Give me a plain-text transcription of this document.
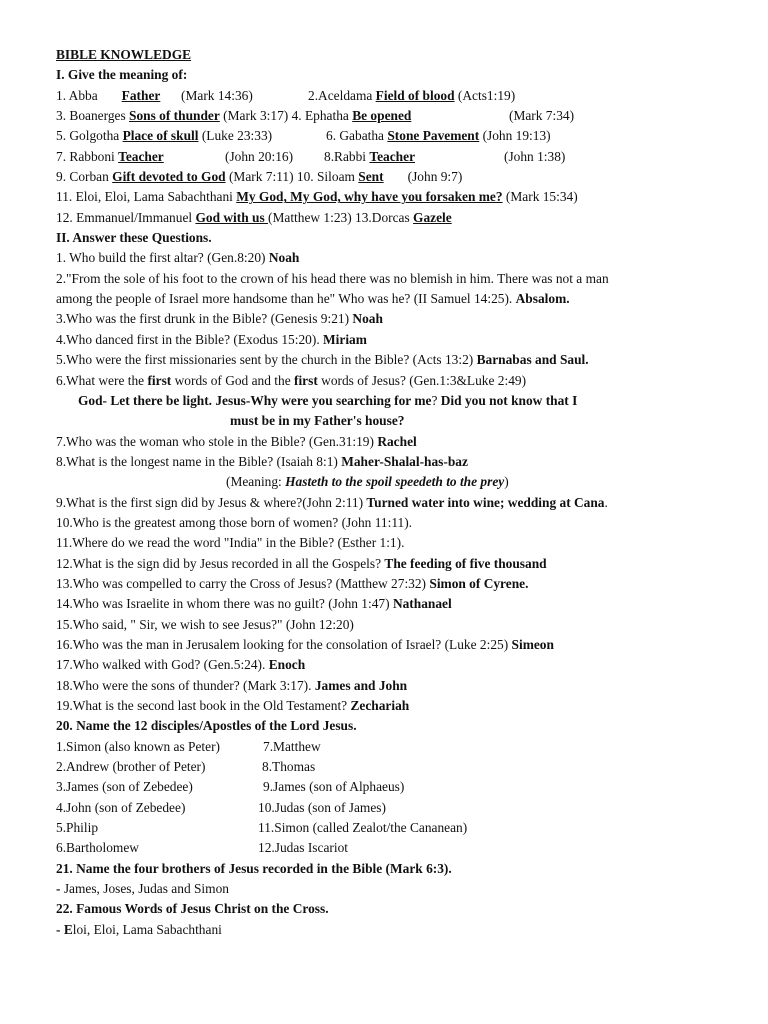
BIBLE KNOWLEDGE
I. Give the meaning of:
1. Abba Father (Mark 14:36)	2.Aceldama Field of blood (Acts1:19)
3. Boanerges Sons of thunder (Mark 3:17) 4. Ephatha Be opened	(Mark 7:34)
5. Golgotha Place of skull (Luke 23:33)	6. Gabatha Stone Pavement (John 19:13)
7. Rabboni Teacher	(John 20:16) 8.Rabbi Teacher	(John 1:38)
9. Corban Gift devoted to God (Mark 7:11) 10. Siloam Sent (John 9:7)
11. Eloi, Eloi, Lama Sabachthani My God, My God, why have you forsaken me? (Mark 15:34)
12. Emmanuel/Immanuel God with us (Matthew 1:23) 13.Dorcas Gazele
II. Answer these Questions.
1. Who build the first altar? (Gen.8:20) Noah
2."From the sole of his foot to the crown of his head there was no blemish in him. There was not a man
among the people of Israel more handsome than he" Who was he? (II Samuel 14:25). Absalom.
3.Who was the first drunk in the Bible? (Genesis 9:21) Noah
4.Who danced first in the Bible? (Exodus 15:20). Miriam
5.Who were the first missionaries sent by the church in the Bible? (Acts 13:2) Barnabas and Saul.
6.What were the first words of God and the first words of Jesus? (Gen.1:3&Luke 2:49)
God- Let there be light. Jesus-Why were you searching for me? Did you not know that I
must be in my Father's house?
7.Who was the woman who stole in the Bible? (Gen.31:19) Rachel
8.What is the longest name in the Bible? (Isaiah 8:1) Maher-Shalal-has-baz
(Meaning: Hasteth to the spoil speedeth to the prey)
9.What is the first sign did by Jesus & where?(John 2:11) Turned water into wine; wedding at Cana.
10.Who is the greatest among those born of women? (John 11:11).
11.Where do we read the word "India" in the Bible? (Esther 1:1).
12.What is the sign did by Jesus recorded in all the Gospels? The feeding of five thousand
13.Who was compelled to carry the Cross of Jesus? (Matthew 27:32) Simon of Cyrene.
14.Who was Israelite in whom there was no guilt? (John 1:47) Nathanael
15.Who said, " Sir, we wish to see Jesus?" (John 12:20)
16.Who was the man in Jerusalem looking for the consolation of Israel? (Luke 2:25) Simeon
17.Who walked with God? (Gen.5:24). Enoch
18.Who were the sons of thunder? (Mark 3:17). James and John
19.What is the second last book in the Old Testament? Zechariah
20. Name the 12 disciples/Apostles of the Lord Jesus.
1.Simon (also known as Peter)	7.Matthew
2.Andrew (brother of Peter)	8.Thomas
3.James (son of Zebedee)	9.James (son of Alphaeus)
4.John (son of Zebedee)	10.Judas (son of James)
5.Philip	11.Simon (called Zealot/the Cananean)
6.Bartholomew	12.Judas Iscariot
21. Name the four brothers of Jesus recorded in the Bible (Mark 6:3).
- James, Joses, Judas and Simon
22. Famous Words of Jesus Christ on the Cross.
- Eloi, Eloi, Lama Sabachthani
